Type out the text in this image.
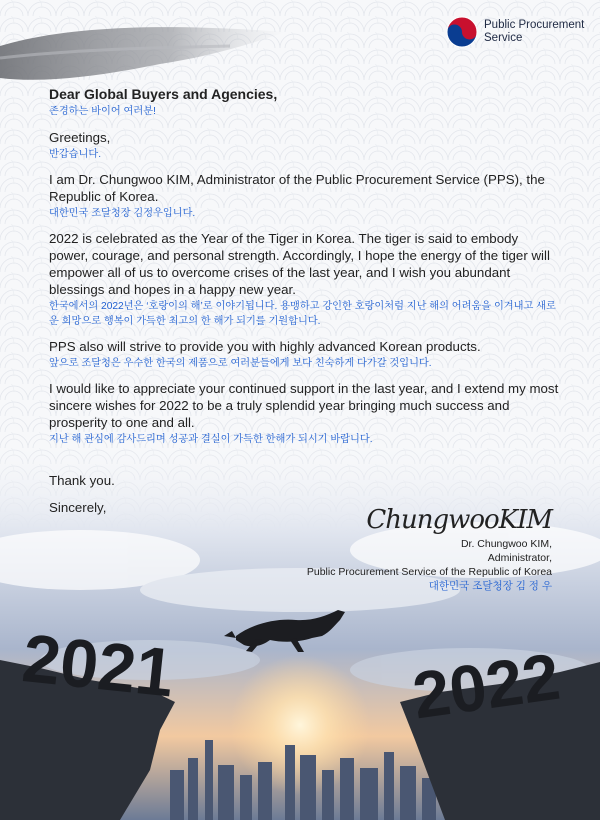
Public Procurement
Service
2021	2022

Dear Global Buyers and Agencies,

존경하는 바이어 여러분!

Greetings,

반갑습니다.

I am Dr. Chungwoo KIM, Administrator of the Public Procurement Service (PPS), the Republic of Korea.

대한민국 조달청장 김정우입니다.

2022 is celebrated as the Year of the Tiger in Korea. The tiger is said to embody power, courage, and personal strength. Accordingly, I hope the energy of the tiger will empower all of us to overcome crises of the last year, and I wish you abundant blessings and hopes in a happy new year.

한국에서의 2022년은 ‘호랑이의 해’로 이야기됩니다. 용맹하고 강인한 호랑이처럼 지난 해의 어려움을 이겨내고 새로운 희망으로 행복이 가득한 최고의 한 해가 되기를 기원합니다.

PPS also will strive to provide you with highly advanced Korean products.

앞으로 조달청은 우수한 한국의 제품으로 여러분들에게 보다 친숙하게 다가갈 것입니다.

I would like to appreciate your continued support in the last year, and I extend my most sincere wishes for 2022 to be a truly splendid year bringing much success and prosperity to one and all.

지난 해 관심에 감사드리며 성공과 결실이 가득한 한해가 되시기 바랍니다.

Thank you.

Sincerely,	ChungwooKIM

Dr. Chungwoo KIM,

Administrator,

Public Procurement Service of the Republic of Korea

대한민국 조달청장 김 정 우
